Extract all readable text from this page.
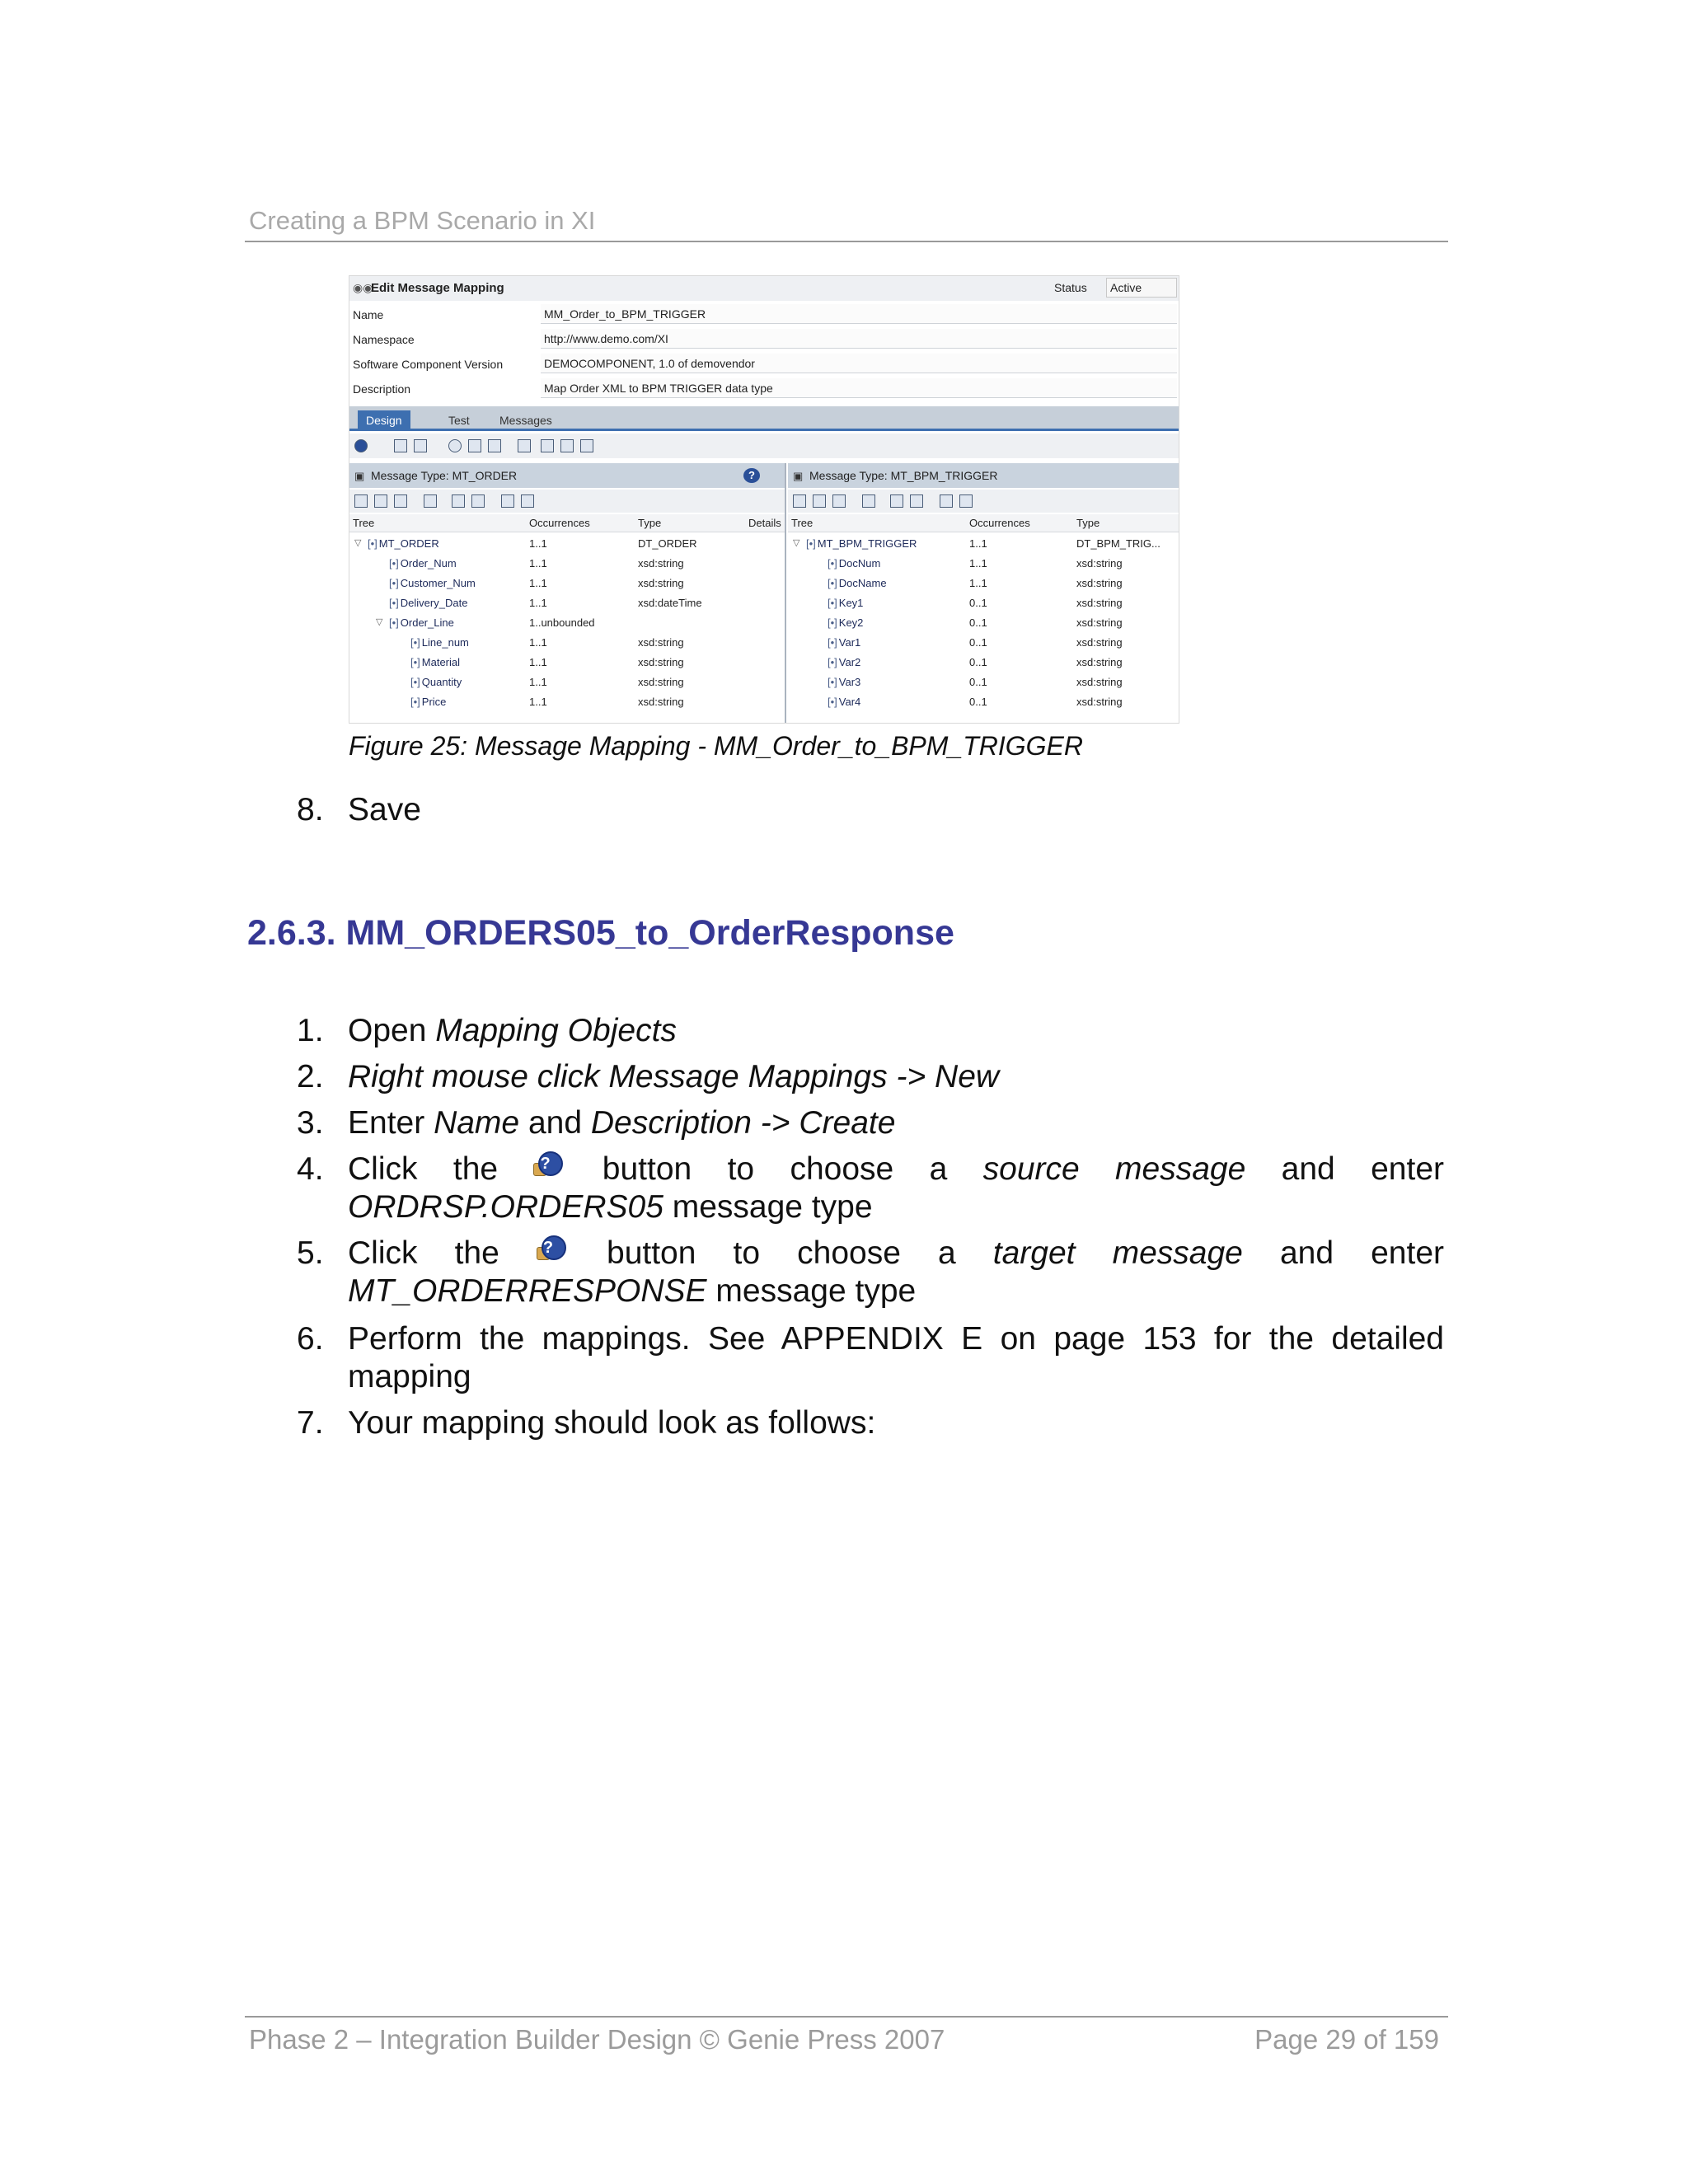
Creating a BPM Scenario in XI
◉◉
Edit Message Mapping	Status	Active
Name	MM_Order_to_BPM_TRIGGER
Namespace	http://www.demo.com/XI
Software Component Version	DEMOCOMPONENT, 1.0 of demovendor
Description	Map Order XML to BPM TRIGGER data type
Design	Test	Messages
▣ Message Type: MT_ORDER	?
Tree	Occurrences	Type	Details
▽	[•] MT_ORDER	1..1	DT_ORDER
[•] Order_Num	1..1	xsd:string
[•] Customer_Num	1..1	xsd:string
[•] Delivery_Date	1..1	xsd:dateTime
▽	[•] Order_Line	1..unbounded
[•] Line_num	1..1	xsd:string
[•] Material	1..1	xsd:string
[•] Quantity	1..1	xsd:string
[•] Price	1..1	xsd:string
▣ Message Type: MT_BPM_TRIGGER
Tree	Occurrences	Type
▽	[•] MT_BPM_TRIGGER	1..1	DT_BPM_TRIG...
[•] DocNum	1..1	xsd:string
[•] DocName	1..1	xsd:string
[•] Key1	0..1	xsd:string
[•] Key2	0..1	xsd:string
[•] Var1	0..1	xsd:string
[•] Var2	0..1	xsd:string
[•] Var3	0..1	xsd:string
[•] Var4	0..1	xsd:string
Figure 25: Message Mapping - MM_Order_to_BPM_TRIGGER
8. Save
2.6.3. MM_ORDERS05_to_OrderResponse
1. Open Mapping Objects
2. Right mouse click Message Mappings -> New
3. Enter Name and Description -> Create
4. Click the ? button to choose a source message and enter
ORDRSP.ORDERS05 message type
5. Click the ? button to choose a target message and enter
MT_ORDERRESPONSE message type
6. Perform the mappings. See APPENDIX E on page 153 for the detailed
mapping
7. Your mapping should look as follows:
Phase 2 – Integration Builder Design © Genie Press 2007	Page 29 of 159
